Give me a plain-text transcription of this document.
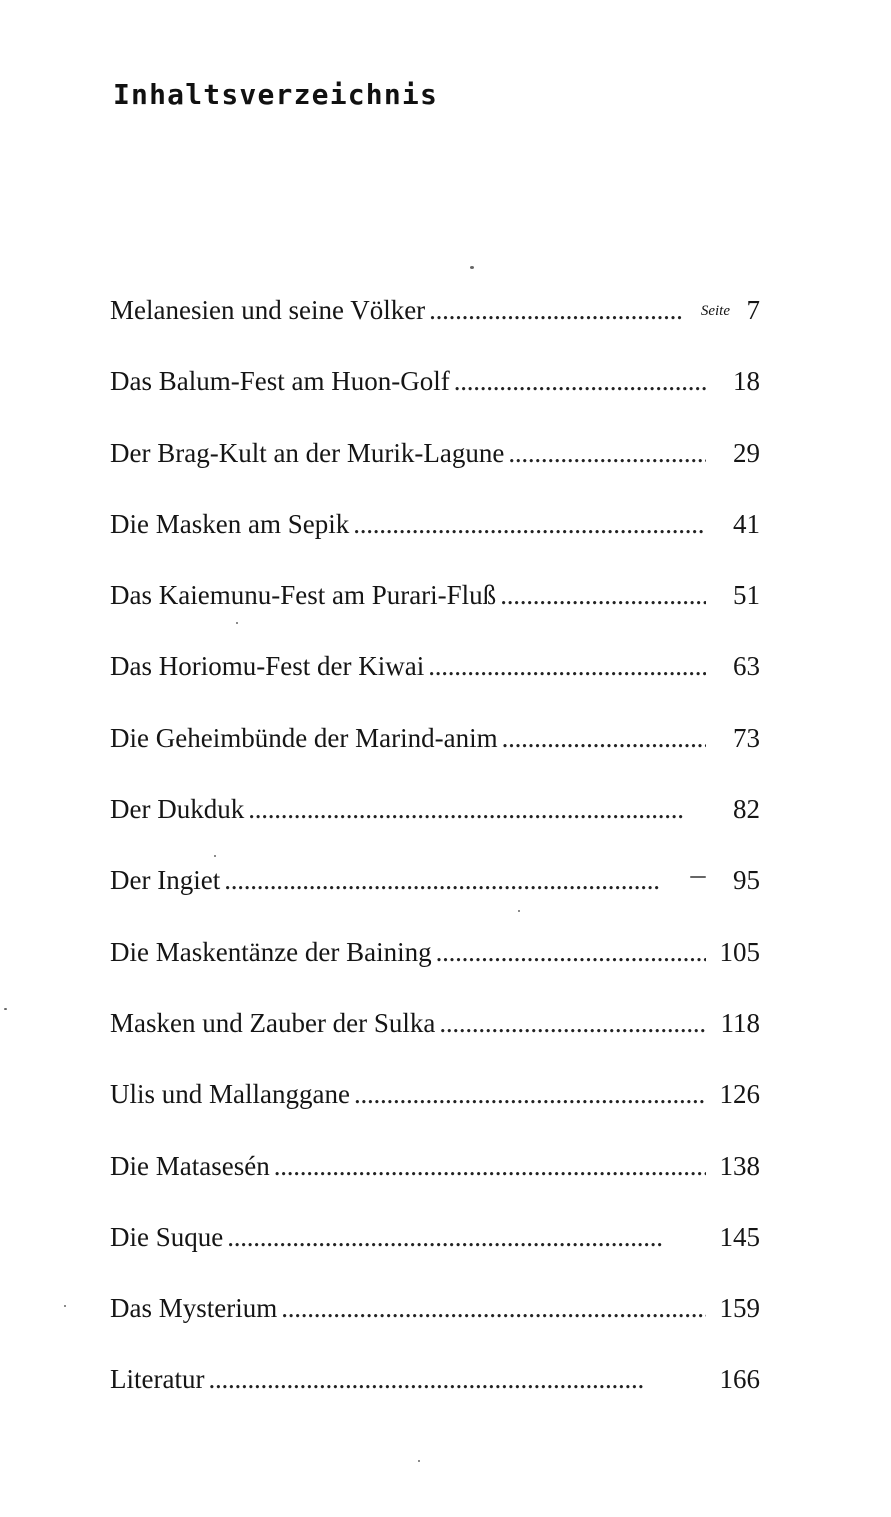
Inhaltsverzeichnis
Melanesien und seine Völker . . .	Seite 7
Das Balum-Fest am Huon-Golf . . .	18
Der Brag-Kult an der Murik-Lagune . . .	29
Die Masken am Sepik . . .	41
Das Kaiemunu-Fest am Purari-Fluß . . .	51
Das Horiomu-Fest der Kiwai . . .	63
Die Geheimbünde der Marind-anim . . .	73
Der Dukduk . . .	82
Der Ingiet . . .	95
Die Maskentänze der Baining . . .	105
Masken und Zauber der Sulka . . .	118
Ulis und Mallanggane . . .	126
Die Matasesén . . .	138
Die Suque . . .	145
Das Mysterium . . .	159
Literatur . . .	166
